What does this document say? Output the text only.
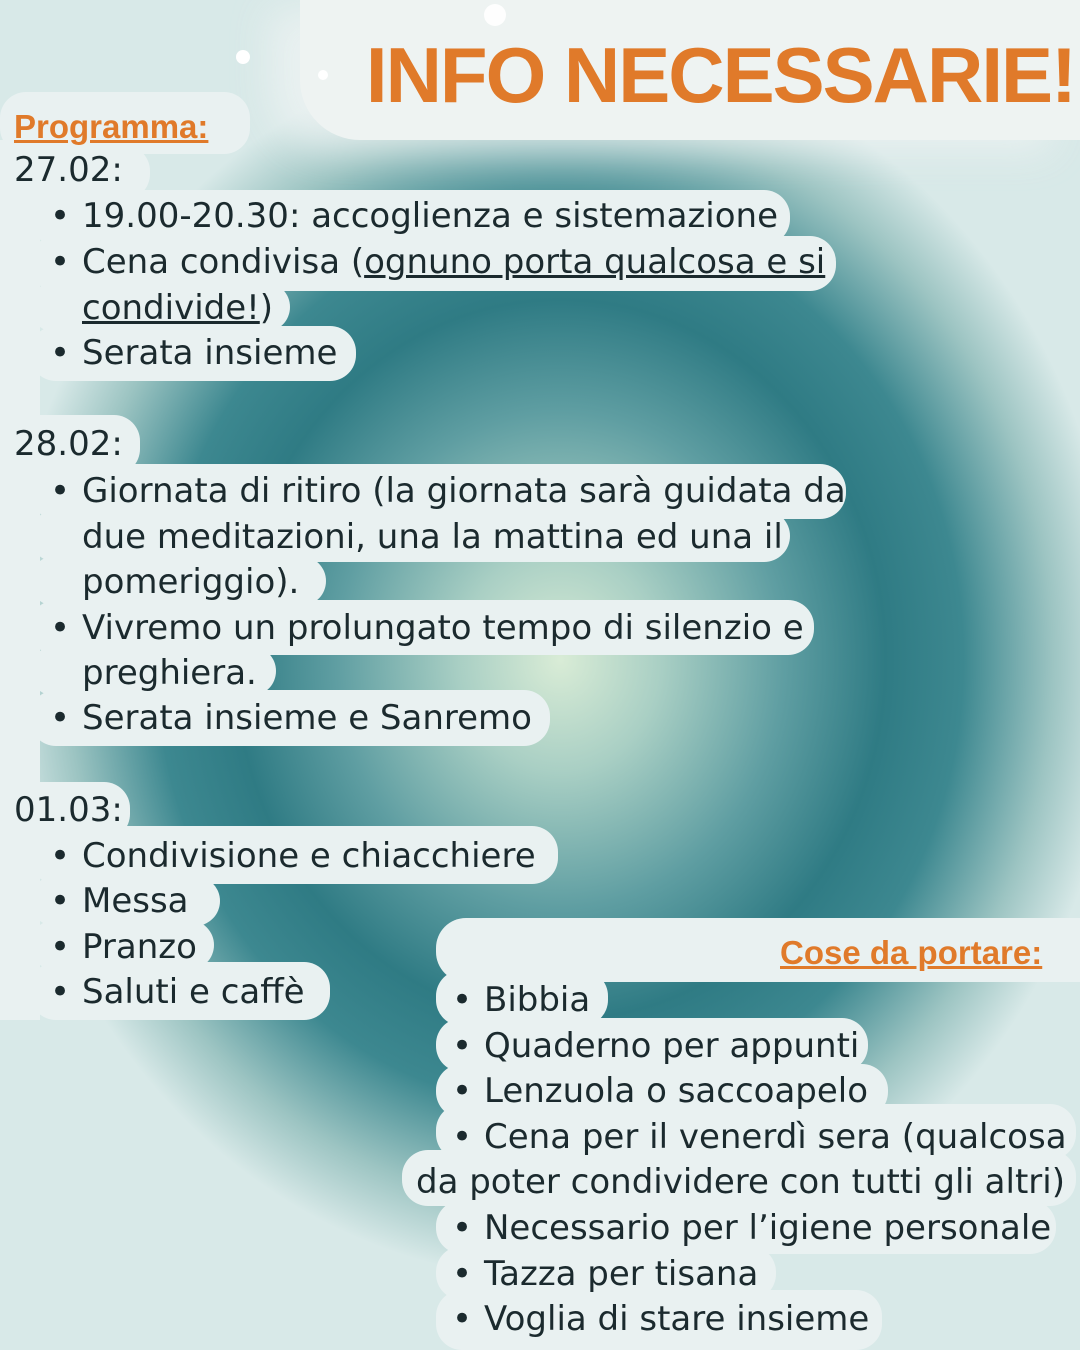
INFO NECESSARIE!
Programma:
27.02:
• 19.00-20.30: accoglienza e sistemazione
• Cena condivisa (ognuno porta qualcosa e si
condivide!)
• Serata insieme
28.02:
• Giornata di ritiro (la giornata sarà guidata da
due meditazioni, una la mattina ed una il
pomeriggio).
• Vivremo un prolungato tempo di silenzio e
preghiera.
• Serata insieme e Sanremo
01.03:
• Condivisione e chiacchiere
• Messa
• Pranzo
• Saluti e caffè
Cose da portare:
• Bibbia
• Quaderno per appunti
• Lenzuola o saccoapelo
• Cena per il venerdì sera (qualcosa
da poter condividere con tutti gli altri)
• Necessario per l’igiene personale
• Tazza per tisana
• Voglia di stare insieme
